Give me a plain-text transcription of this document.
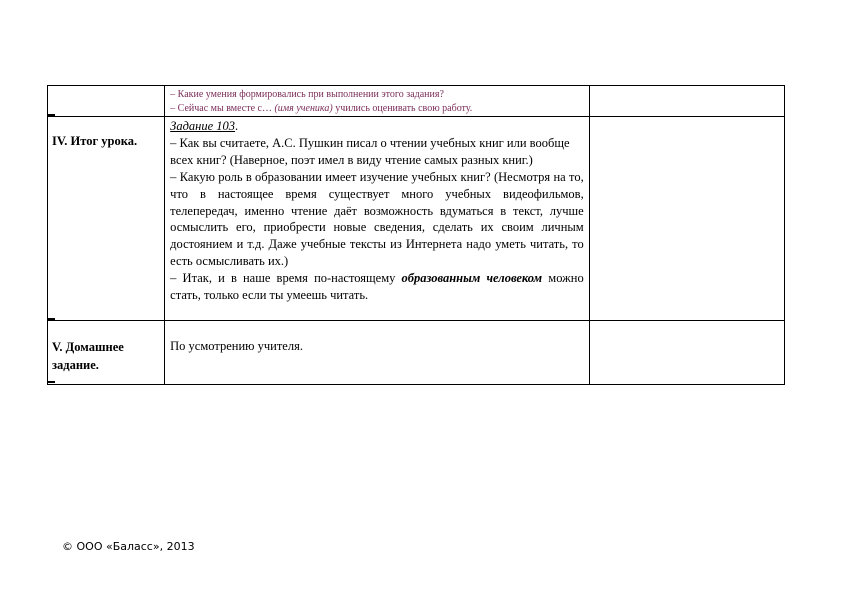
	– Какие умения формировались при выполнении этого задания?
– Сейчас мы вместе с… (имя ученика) учились оценивать свою работу.	

IV. Итог урока.	Задание 103.
– Как вы считаете, А.С. Пушкин писал о чтении учебных книг или вообще всех книг? (Наверное, поэт имел в виду чтение самых разных книг.)
– Какую роль в образовании имеет изучение учебных книг? (Несмотря на то, что в настоящее время существует много учебных видеофильмов, телепередач, именно чтение даёт возможность вдуматься в текст, лучше осмыслить его, приобрести новые сведения, сделать их своим личным достоянием и т.д. Даже учебные тексты из Интернета надо уметь читать, то есть осмысливать их.)
– Итак, и в наше время по-настоящему образованным человеком можно стать, только если ты умеешь читать.	

V. Домашнее задание.	По усмотрению учителя.	

© ООО «Баласс», 2013
